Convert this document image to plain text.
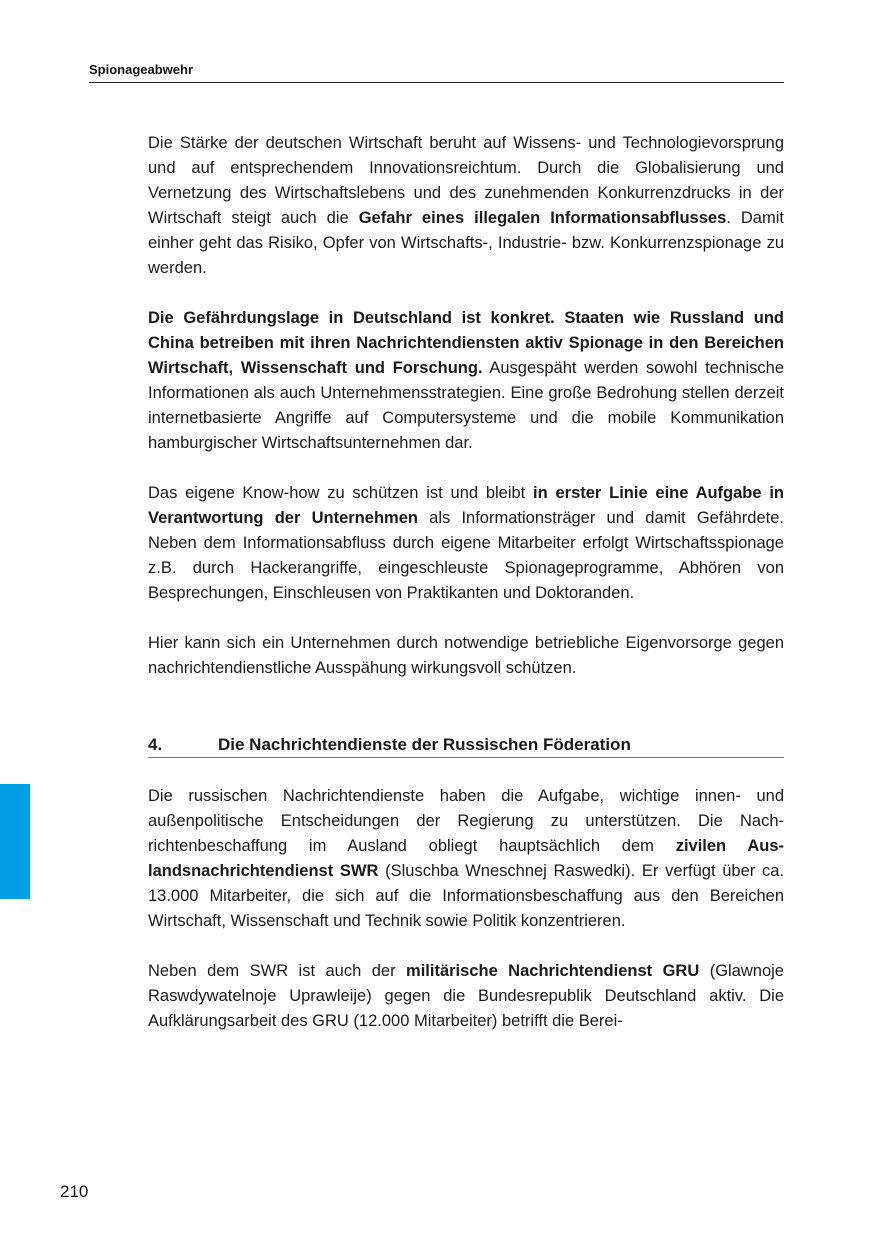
Spionageabwehr

Die Stärke der deutschen Wirtschaft beruht auf Wissens- und Technologievorsprung und auf entsprechendem Innovationsreichtum. Durch die Globalisierung und Vernetzung des Wirtschaftslebens und des zunehmenden Konkurrenzdrucks in der Wirtschaft steigt auch die Gefahr eines illegalen Informationsabflusses. Damit einher geht das Risiko, Opfer von Wirtschafts-, Industrie- bzw. Konkurrenzspionage zu werden.

Die Gefährdungslage in Deutschland ist konkret. Staaten wie Russland und China betreiben mit ihren Nachrichtendiensten aktiv Spionage in den Bereichen Wirtschaft, Wissenschaft und Forschung. Ausgespäht werden sowohl technische Informationen als auch Unternehmensstrategien. Eine große Bedrohung stellen derzeit internetbasierte Angriffe auf Computersysteme und die mobile Kommunikation hamburgischer Wirtschaftsunternehmen dar.

Das eigene Know-how zu schützen ist und bleibt in erster Linie eine Aufgabe in Verantwortung der Unternehmen als Informationsträger und damit Gefährdete. Neben dem Informationsabfluss durch eigene Mitarbeiter erfolgt Wirtschaftsspionage z.B. durch Hackerangriffe, eingeschleuste Spionageprogramme, Abhören von Besprechungen, Einschleusen von Praktikanten und Doktoranden.

Hier kann sich ein Unternehmen durch notwendige betriebliche Eigenvorsorge gegen nachrichtendienstliche Ausspähung wirkungsvoll schützen.

4.	Die Nachrichtendienste der Russischen Föderation

Die russischen Nachrichtendienste haben die Aufgabe, wichtige innen- und außenpolitische Entscheidungen der Regierung zu unterstützen. Die Nachrichtenbeschaffung im Ausland obliegt hauptsächlich dem zivilen Auslandsnachrichtendienst SWR (Sluschba Wneschnej Raswedki). Er verfügt über ca. 13.000 Mitarbeiter, die sich auf die Informationsbeschaffung aus den Bereichen Wirtschaft, Wissenschaft und Technik sowie Politik konzentrieren.

Neben dem SWR ist auch der militärische Nachrichtendienst GRU (Glawnoje Raswdywatelnoje Uprawleije) gegen die Bundesrepublik Deutschland aktiv. Die Aufklärungsarbeit des GRU (12.000 Mitarbeiter) betrifft die Berei-

210
